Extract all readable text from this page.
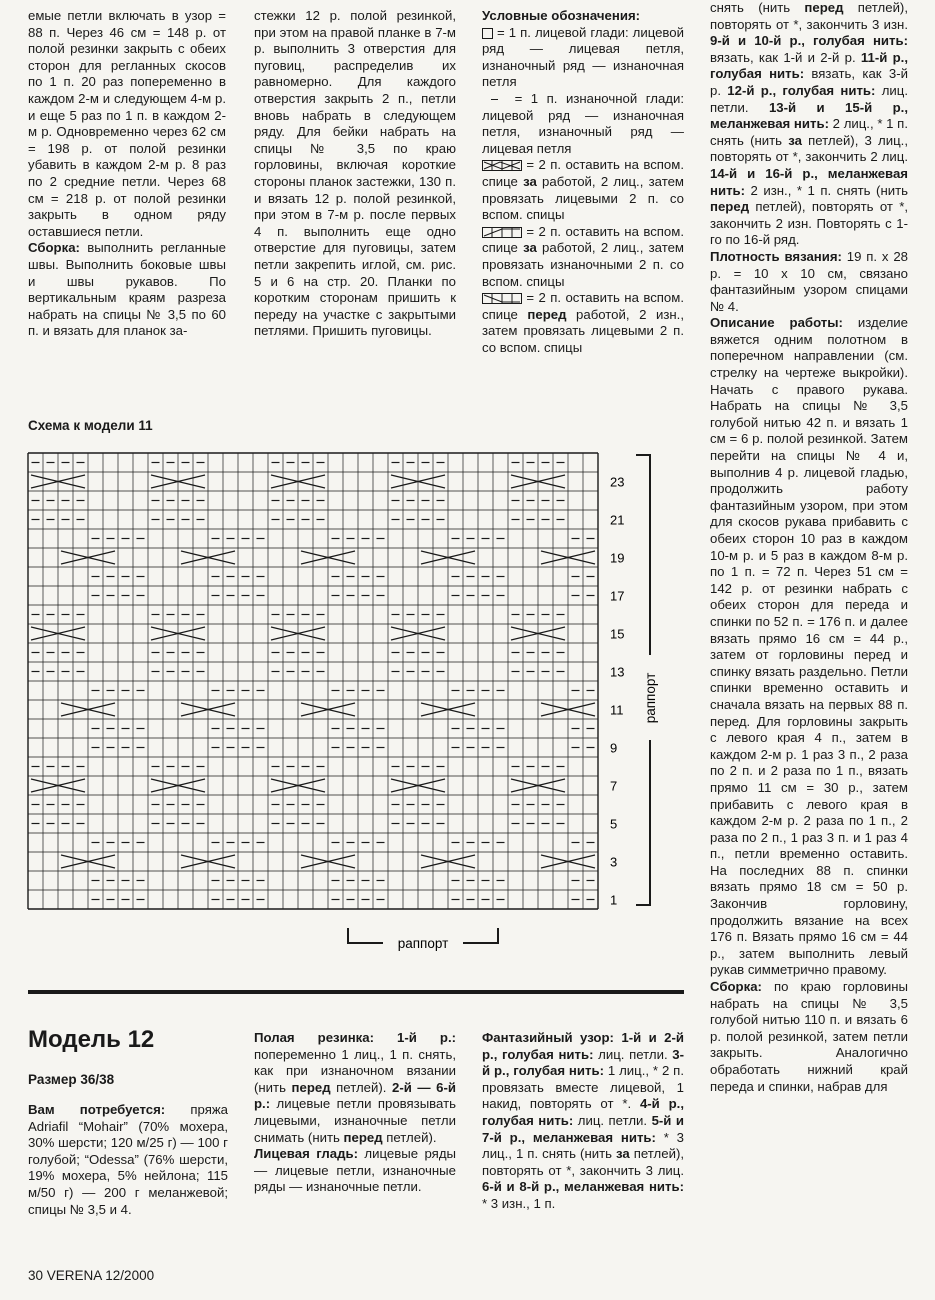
емые петли включать в узор = 88 п. Через 46 см = 148 р. от полой резинки закрыть с обеих сторон для регланных скосов по 1 п. 20 раз попеременно в каждом 2-м и следующем 4-м р. и еще 5 раз по 1 п. в каждом 2-м р. Одновременно через 62 см = 198 р. от полой резинки убавить в каждом 2-м р. 8 раз по 2 средние петли. Через 68 см = 218 р. от полой резинки закрыть в одном ряду оставшиеся петли.

Сборка: выполнить регланные швы. Выполнить боковые швы и швы рукавов. По вертикальным краям разреза набрать на спицы № 3,5 по 60 п. и вязать для планок за-

стежки 12 р. полой резинкой, при этом на правой планке в 7-м р. выполнить 3 отверстия для пуговиц, распределив их равномерно. Для каждого отверстия закрыть 2 п., петли вновь набрать в следующем ряду. Для бейки набрать на спицы № 3,5 по краю горловины, включая короткие стороны планок застежки, 130 п. и вязать 12 р. полой резинкой, при этом в 7-м р. после первых 4 п. выполнить еще одно отверстие для пуговицы, затем петли закрепить иглой, см. рис. 5 и 6 на стр. 20. Планки по коротким сторонам пришить к переду на участке с закрытыми петлями. Пришить пуговицы.

Условные обозначения:

= 1 п. лицевой глади: лицевой ряд — лицевая петля, изнаночный ряд — изнаночная петля

= 1 п. изнаночной глади: лицевой ряд — изнаночная петля, изнаночный ряд — лицевая петля

= 2 п. оставить на вспом. спице за работой, 2 лиц., затем провязать лицевыми 2 п. со вспом. спицы

= 2 п. оставить на вспом. спице за работой, 2 лиц., затем провязать изнаночными 2 п. со вспом. спицы

= 2 п. оставить на вспом. спице перед работой, 2 изн., затем провязать лицевыми 2 п. со вспом. спицы

снять (нить перед петлей), повторять от *, закончить 3 изн. 9-й и 10-й р., голубая нить: вязать, как 1-й и 2-й р. 11-й р., голубая нить: вязать, как 3-й р. 12-й р., голубая нить: лиц. петли. 13-й и 15-й р., меланжевая нить: 2 лиц., * 1 п. снять (нить за петлей), 3 лиц., повторять от *, закончить 2 лиц. 14-й и 16-й р., меланжевая нить: 2 изн., * 1 п. снять (нить перед петлей), повторять от *, закончить 2 изн. Повторять с 1-го по 16-й ряд.

Плотность вязания: 19 п. х 28 р. = 10 х 10 см, связано фантазийным узором спицами № 4.

Описание работы: изделие вяжется одним полотном в поперечном направлении (см. стрелку на чертеже выкройки). Начать с правого рукава. Набрать на спицы № 3,5 голубой нитью 42 п. и вязать 1 см = 6 р. полой резинкой. Затем перейти на спицы № 4 и, выполнив 4 р. лицевой гладью, продолжить работу фантазийным узором, при этом для скосов рукава прибавить с обеих сторон 10 раз в каждом 10-м р. и 5 раз в каждом 8-м р. по 1 п. = 72 п. Через 51 см = 142 р. от резинки набрать с обеих сторон для переда и спинки по 52 п. = 176 п. и далее вязать прямо 16 см = 44 р., затем от горловины перед и спинку вязать раздельно. Петли спинки временно оставить и сначала вязать на первых 88 п. перед. Для горловины закрыть с левого края 4 п., затем в каждом 2-м р. 1 раз 3 п., 2 раза по 2 п. и 2 раза по 1 п., вязать прямо 11 см = 30 р., затем прибавить с левого края в каждом 2-м р. 2 раза по 1 п., 2 раза по 2 п., 1 раз 3 п. и 1 раз 4 п., петли временно оставить. На последних 88 п. спинки вязать прямо 18 см = 50 р. Закончив горловину, продолжить вязание на всех 176 п. Вязать прямо 16 см = 44 р., затем выполнить левый рукав симметрично правому.

Сборка: по краю горловины набрать на спицы № 3,5 голубой нитью 110 п. и вязать 6 р. полой резинкой, затем петли закрыть. Аналогично обработать нижний край переда и спинки, набрав для

Схема к модели 11
23
21
19
17
15
13
11
9
7
5
3
1
раппорт
раппорт
Модель 12
Размер 36/38

Вам потребуется: пряжа Adriafil “Mohair” (70% мохера, 30% шерсти; 120 м/25 г) — 100 г голубой; “Odessa” (76% шерсти, 19% мохера, 5% нейлона; 115 м/50 г) — 200 г меланжевой; спицы № 3,5 и 4.

Полая резинка: 1-й р.: попеременно 1 лиц., 1 п. снять, как при изнаночном вязании (нить перед петлей). 2-й — 6-й р.: лицевые петли провязывать лицевыми, изнаночные петли снимать (нить перед петлей).

Лицевая гладь: лицевые ряды — лицевые петли, изнаночные ряды — изнаночные петли.

Фантазийный узор: 1-й и 2-й р., голубая нить: лиц. петли. 3-й р., голубая нить: 1 лиц., * 2 п. провязать вместе лицевой, 1 накид, повторять от *. 4-й р., голубая нить: лиц. петли. 5-й и 7-й р., меланжевая нить: * 3 лиц., 1 п. снять (нить за петлей), повторять от *, закончить 3 лиц. 6-й и 8-й р., меланжевая нить: * 3 изн., 1 п.

30 VERENA 12/2000
